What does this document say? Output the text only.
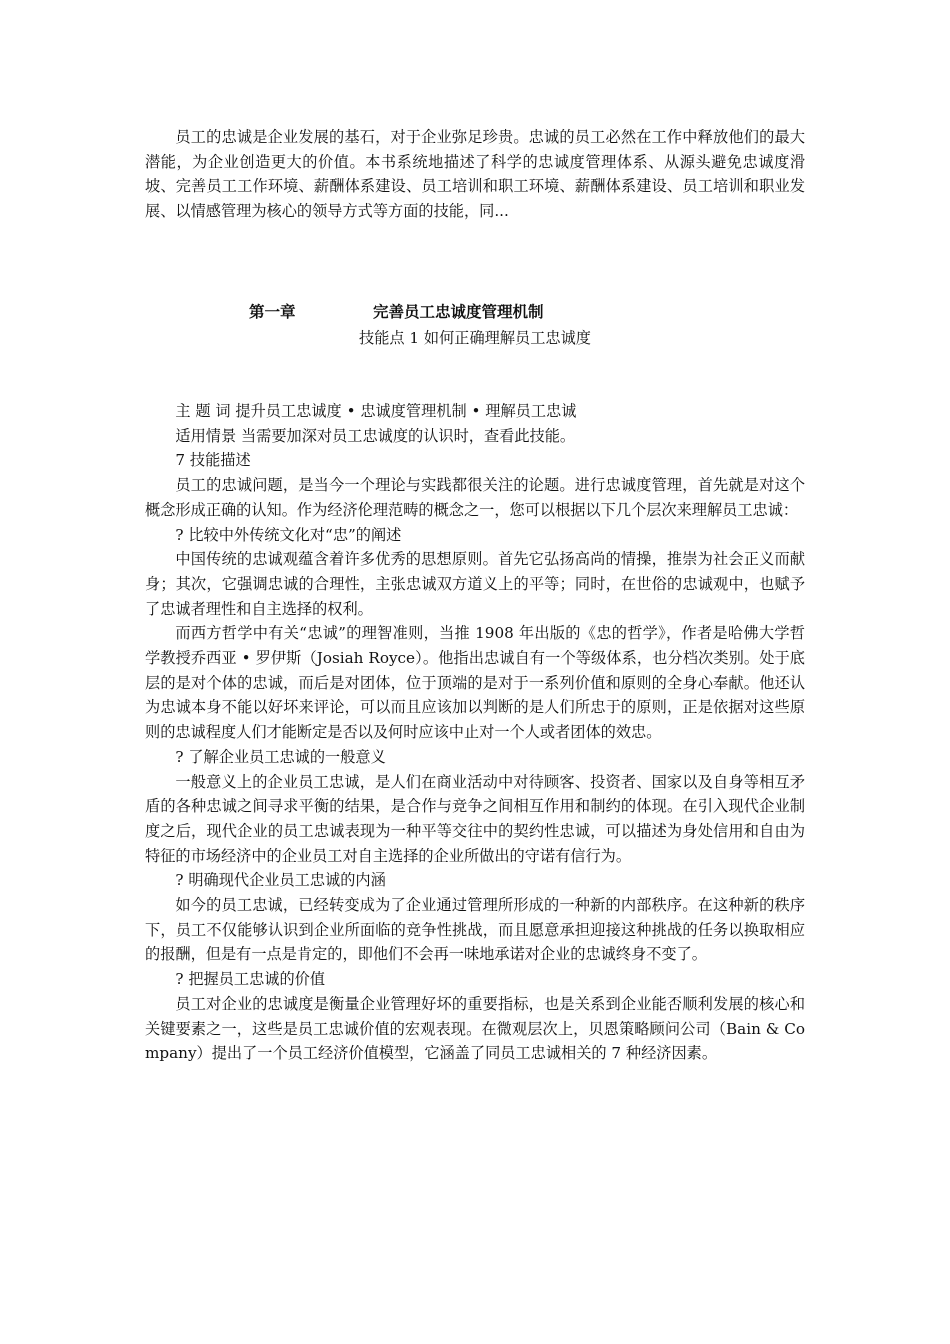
员工的忠诚是企业发展的基石，对于企业弥足珍贵。忠诚的员工必然在工作中释放他们的最大潜能，为企业创造更大的价值。本书系统地描述了科学的忠诚度管理体系、从源头避免忠诚度滑坡、完善员工工作环境、薪酬体系建设、员工培训和职工环境、薪酬体系建设、员工培训和职业发展、以情感管理为核心的领导方式等方面的技能，同...

第一章	完善员工忠诚度管理机制
技能点 1 如何正确理解员工忠诚度

主 题 词 提升员工忠诚度 • 忠诚度管理机制 • 理解员工忠诚

适用情景 当需要加深对员工忠诚度的认识时，查看此技能。

7 技能描述

员工的忠诚问题，是当今一个理论与实践都很关注的论题。进行忠诚度管理，首先就是对这个概念形成正确的认知。作为经济伦理范畴的概念之一，您可以根据以下几个层次来理解员工忠诚：

? 比较中外传统文化对“忠”的阐述

中国传统的忠诚观蕴含着许多优秀的思想原则。首先它弘扬高尚的情操，推崇为社会正义而献身；其次，它强调忠诚的合理性，主张忠诚双方道义上的平等；同时，在世俗的忠诚观中，也赋予了忠诚者理性和自主选择的权利。

而西方哲学中有关“忠诚”的理智准则，当推 1908 年出版的《忠的哲学》，作者是哈佛大学哲学教授乔西亚 • 罗伊斯（Josiah Royce）。他指出忠诚自有一个等级体系，也分档次类别。处于底层的是对个体的忠诚，而后是对团体，位于顶端的是对于一系列价值和原则的全身心奉献。他还认为忠诚本身不能以好坏来评论，可以而且应该加以判断的是人们所忠于的原则，正是依据对这些原则的忠诚程度人们才能断定是否以及何时应该中止对一个人或者团体的效忠。

? 了解企业员工忠诚的一般意义

一般意义上的企业员工忠诚，是人们在商业活动中对待顾客、投资者、国家以及自身等相互矛盾的各种忠诚之间寻求平衡的结果，是合作与竞争之间相互作用和制约的体现。在引入现代企业制度之后，现代企业的员工忠诚表现为一种平等交往中的契约性忠诚，可以描述为身处信用和自由为特征的市场经济中的企业员工对自主选择的企业所做出的守诺有信行为。

? 明确现代企业员工忠诚的内涵

如今的员工忠诚，已经转变成为了企业通过管理所形成的一种新的内部秩序。在这种新的秩序下，员工不仅能够认识到企业所面临的竞争性挑战，而且愿意承担迎接这种挑战的任务以换取相应的报酬，但是有一点是肯定的，即他们不会再一味地承诺对企业的忠诚终身不变了。

? 把握员工忠诚的价值

员工对企业的忠诚度是衡量企业管理好坏的重要指标，也是关系到企业能否顺利发展的核心和关键要素之一，这些是员工忠诚价值的宏观表现。在微观层次上，贝恩策略顾问公司（Bain & Company）提出了一个员工经济价值模型，它涵盖了同员工忠诚相关的 7 种经济因素。
